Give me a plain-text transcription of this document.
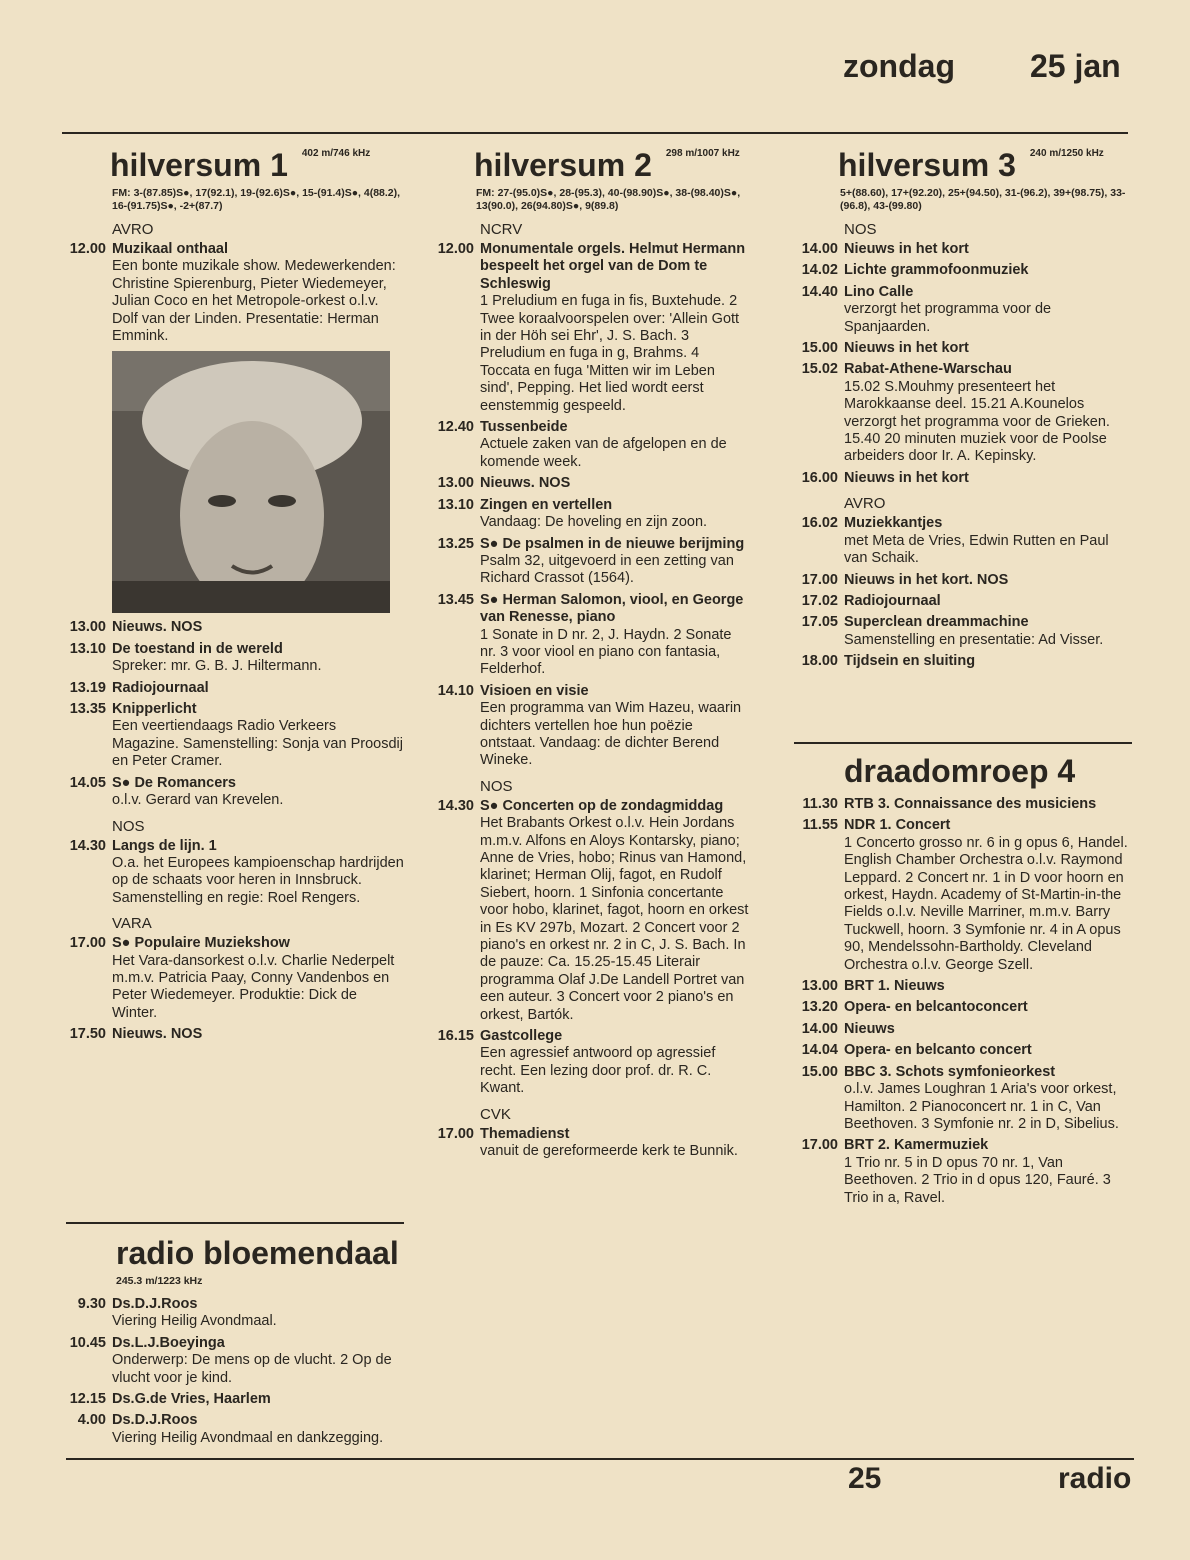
zondag 25 jan
hilversum 1 402 m/746 kHz
FM: 3-(87.85)S●, 17(92.1), 19-(92.6)S●, 15-(91.4)S●, 4(88.2), 16-(91.75)S●, -2+(87.7)
AVRO
12.00 Muzikaal onthaal
Een bonte muzikale show. Medewerkenden: Christine Spierenburg, Pieter Wiedemeyer, Julian Coco en het Metropole-orkest o.l.v. Dolf van der Linden. Presentatie: Herman Emmink.
13.00 Nieuws. NOS
13.10 De toestand in de wereld
Spreker: mr. G. B. J. Hiltermann.
13.19 Radiojournaal
13.35 Knipperlicht
Een veertiendaags Radio Verkeers Magazine. Samenstelling: Sonja van Proosdij en Peter Cramer.
14.05 S● De Romancers
o.l.v. Gerard van Krevelen.
NOS
14.30 Langs de lijn. 1
O.a. het Europees kampioenschap hardrijden op de schaats voor heren in Innsbruck. Samenstelling en regie: Roel Rengers.
VARA
17.00 S● Populaire Muziekshow
Het Vara-dansorkest o.l.v. Charlie Nederpelt m.m.v. Patricia Paay, Conny Vandenbos en Peter Wiedemeyer. Produktie: Dick de Winter.
17.50 Nieuws. NOS
radio bloemendaal
245.3 m/1223 kHz
9.30 Ds.D.J.Roos
Viering Heilig Avondmaal.
10.45 Ds.L.J.Boeyinga
Onderwerp: De mens op de vlucht. 2 Op de vlucht voor je kind.
12.15 Ds.G.de Vries, Haarlem
4.00 Ds.D.J.Roos
Viering Heilig Avondmaal en dankzegging.
hilversum 2 298 m/1007 kHz
FM: 27-(95.0)S●, 28-(95.3), 40-(98.90)S●, 38-(98.40)S●, 13(90.0), 26(94.80)S●, 9(89.8)
NCRV
12.00 Monumentale orgels. Helmut Hermann bespeelt het orgel van de Dom te Schleswig
1 Preludium en fuga in fis, Buxtehude. 2 Twee koraalvoorspelen over: 'Allein Gott in der Höh sei Ehr', J. S. Bach. 3 Preludium en fuga in g, Brahms. 4 Toccata en fuga 'Mitten wir im Leben sind', Pepping. Het lied wordt eerst eenstemmig gespeeld.
12.40 Tussenbeide
Actuele zaken van de afgelopen en de komende week.
13.00 Nieuws. NOS
13.10 Zingen en vertellen
Vandaag: De hoveling en zijn zoon.
13.25 S● De psalmen in de nieuwe berijming
Psalm 32, uitgevoerd in een zetting van Richard Crassot (1564).
13.45 S● Herman Salomon, viool, en George van Renesse, piano
1 Sonate in D nr. 2, J. Haydn. 2 Sonate nr. 3 voor viool en piano con fantasia, Felderhof.
14.10 Visioen en visie
Een programma van Wim Hazeu, waarin dichters vertellen hoe hun poëzie ontstaat. Vandaag: de dichter Berend Wineke.
NOS
14.30 S● Concerten op de zondagmiddag
Het Brabants Orkest o.l.v. Hein Jordans m.m.v. Alfons en Aloys Kontarsky, piano; Anne de Vries, hobo; Rinus van Hamond, klarinet; Herman Olij, fagot, en Rudolf Siebert, hoorn. 1 Sinfonia concertante voor hobo, klarinet, fagot, hoorn en orkest in Es KV 297b, Mozart. 2 Concert voor 2 piano's en orkest nr. 2 in C, J. S. Bach. In de pauze: Ca. 15.25-15.45 Literair programma Olaf J.De Landell Portret van een auteur. 3 Concert voor 2 piano's en orkest, Bartók.
16.15 Gastcollege
Een agressief antwoord op agressief recht. Een lezing door prof. dr. R. C. Kwant.
CVK
17.00 Themadienst
vanuit de gereformeerde kerk te Bunnik.
hilversum 3 240 m/1250 kHz
5+(88.60), 17+(92.20), 25+(94.50), 31-(96.2), 39+(98.75), 33-(96.8), 43-(99.80)
NOS
14.00 Nieuws in het kort
14.02 Lichte grammofoonmuziek
14.40 Lino Calle
verzorgt het programma voor de Spanjaarden.
15.00 Nieuws in het kort
15.02 Rabat-Athene-Warschau
15.02 S.Mouhmy presenteert het Marokkaanse deel. 15.21 A.Kounelos verzorgt het programma voor de Grieken. 15.40 20 minuten muziek voor de Poolse arbeiders door Ir. A. Kepinsky.
16.00 Nieuws in het kort
AVRO
16.02 Muziekkantjes
met Meta de Vries, Edwin Rutten en Paul van Schaik.
17.00 Nieuws in het kort. NOS
17.02 Radiojournaal
17.05 Superclean dreammachine
Samenstelling en presentatie: Ad Visser.
18.00 Tijdsein en sluiting
draadomroep 4
11.30 RTB 3. Connaissance des musiciens
11.55 NDR 1. Concert
1 Concerto grosso nr. 6 in g opus 6, Handel. English Chamber Orchestra o.l.v. Raymond Leppard. 2 Concert nr. 1 in D voor hoorn en orkest, Haydn. Academy of St-Martin-in-the Fields o.l.v. Neville Marriner, m.m.v. Barry Tuckwell, hoorn. 3 Symfonie nr. 4 in A opus 90, Mendelssohn-Bartholdy. Cleveland Orchestra o.l.v. George Szell.
13.00 BRT 1. Nieuws
13.20 Opera- en belcantoconcert
14.00 Nieuws
14.04 Opera- en belcanto concert
15.00 BBC 3. Schots symfonieorkest
o.l.v. James Loughran 1 Aria's voor orkest, Hamilton. 2 Pianoconcert nr. 1 in C, Van Beethoven. 3 Symfonie nr. 2 in D, Sibelius.
17.00 BRT 2. Kamermuziek
1 Trio nr. 5 in D opus 70 nr. 1, Van Beethoven. 2 Trio in d opus 120, Fauré. 3 Trio in a, Ravel.
25	radio
